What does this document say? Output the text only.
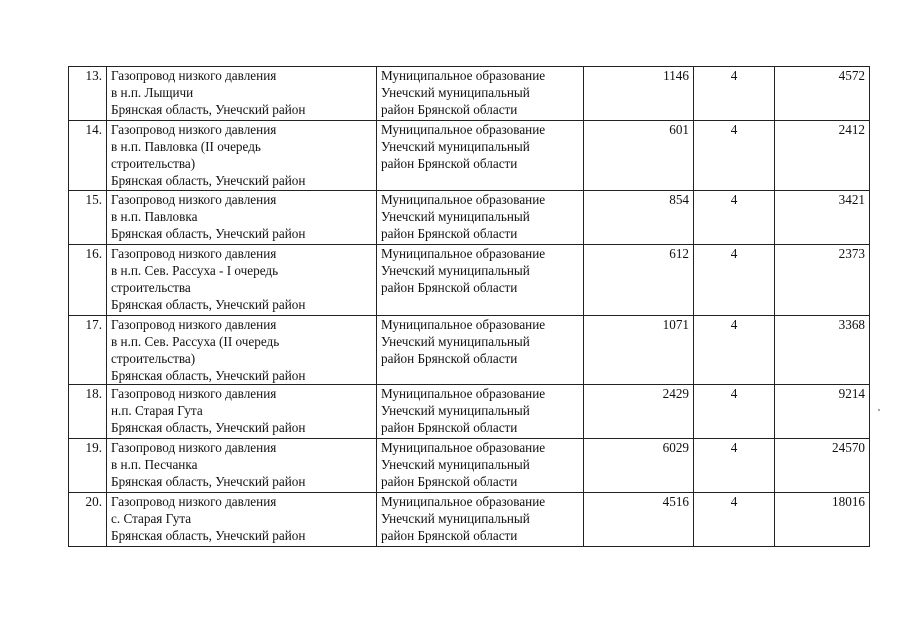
13.	Газопровод низкого давления
в н.п. Лыщичи
Брянская область, Унечский район	Муниципальное образование
Унечский муниципальный
район Брянской области	1146	4	4572
14.	Газопровод низкого давления
в н.п. Павловка (II очередь
строительства)
Брянская область, Унечский район	Муниципальное образование
Унечский муниципальный
район Брянской области	601	4	2412
15.	Газопровод низкого давления
в н.п. Павловка
Брянская область, Унечский район	Муниципальное образование
Унечский муниципальный
район Брянской области	854	4	3421
16.	Газопровод низкого давления
в н.п. Сев. Рассуха - I очередь
строительства
Брянская область, Унечский район	Муниципальное образование
Унечский муниципальный
район Брянской области	612	4	2373
17.	Газопровод низкого давления
в н.п. Сев. Рассуха (II очередь
строительства)
Брянская область, Унечский район	Муниципальное образование
Унечский муниципальный
район Брянской области	1071	4	3368
18.	Газопровод низкого давления
н.п. Старая Гута
Брянская область, Унечский район	Муниципальное образование
Унечский муниципальный
район Брянской области	2429	4	9214
19.	Газопровод низкого давления
в н.п. Песчанка
Брянская область, Унечский район	Муниципальное образование
Унечский муниципальный
район Брянской области	6029	4	24570
20.	Газопровод низкого давления
с. Старая Гута
Брянская область, Унечский район	Муниципальное образование
Унечский муниципальный
район Брянской области	4516	4	18016
